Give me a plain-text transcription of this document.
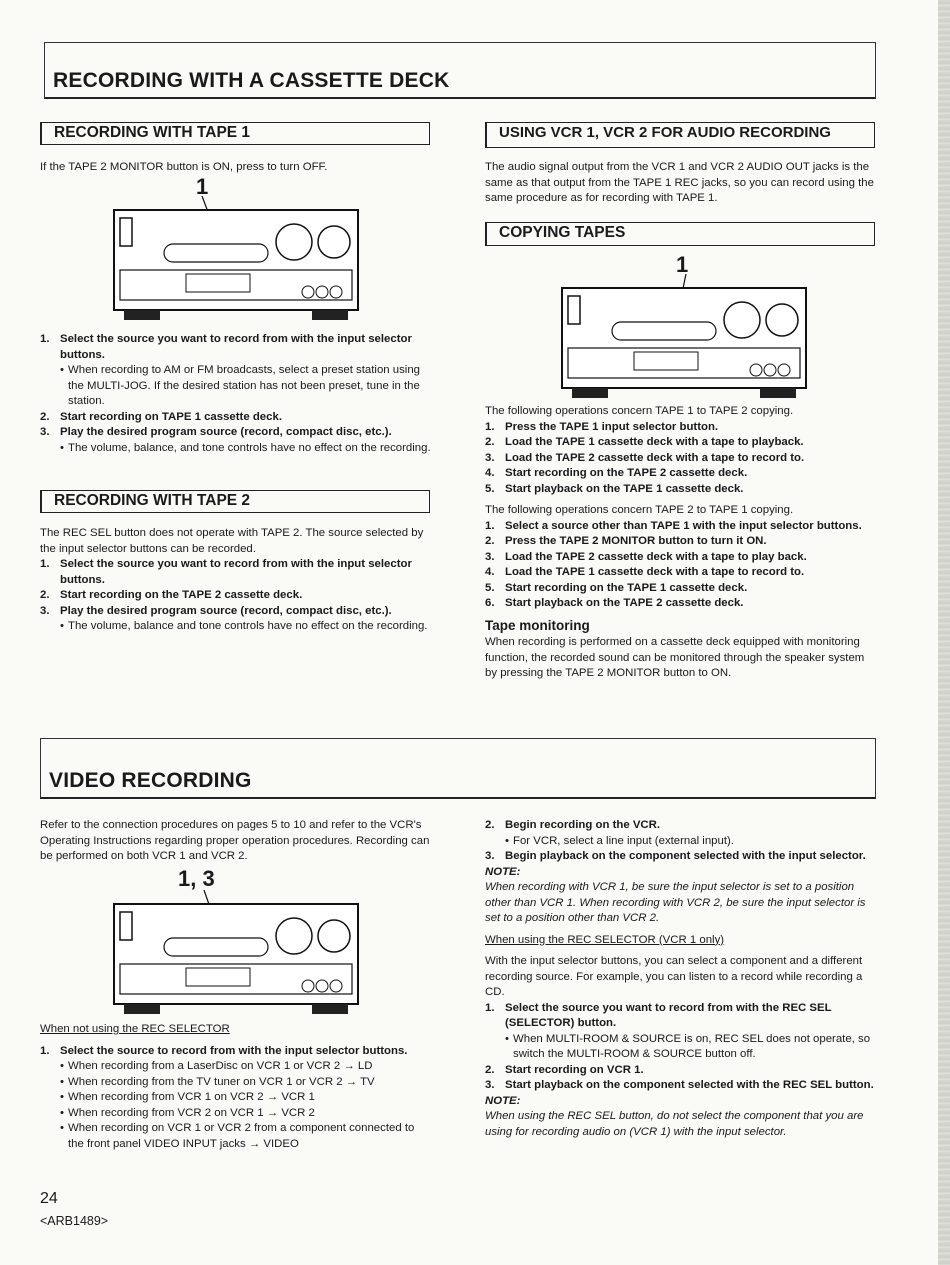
RECORDING WITH A CASSETTE DECK
RECORDING WITH TAPE 1

If the TAPE 2 MONITOR button is ON, press to turn OFF.

1
1. Select the source you want to record from with the input selector buttons.
• When recording to AM or FM broadcasts, select a preset station using the MULTI-JOG. If the desired station has not been preset, tune in the station.
2. Start recording on TAPE 1 cassette deck.
3. Play the desired program source (record, compact disc, etc.).
• The volume, balance, and tone controls have no effect on the recording.
RECORDING WITH TAPE 2

The REC SEL button does not operate with TAPE 2. The source selected by the input selector buttons can be recorded.

1. Select the source you want to record from with the input selector buttons.
2. Start recording on the TAPE 2 cassette deck.
3. Play the desired program source (record, compact disc, etc.).
• The volume, balance and tone controls have no effect on the recording.
USING VCR 1, VCR 2 FOR AUDIO RECORDING

The audio signal output from the VCR 1 and VCR 2 AUDIO OUT jacks is the same as that output from the TAPE 1 REC jacks, so you can record using the same procedure as for recording with TAPE 1.

COPYING TAPES
1

The following operations concern TAPE 1 to TAPE 2 copying.

1. Press the TAPE 1 input selector button.
2. Load the TAPE 1 cassette deck with a tape to playback.
3. Load the TAPE 2 cassette deck with a tape to record to.
4. Start recording on the TAPE 2 cassette deck.
5. Start playback on the TAPE 1 cassette deck.

The following operations concern TAPE 2 to TAPE 1 copying.

1. Select a source other than TAPE 1 with the input selector buttons.
2. Press the TAPE 2 MONITOR button to turn it ON.
3. Load the TAPE 2 cassette deck with a tape to play back.
4. Load the TAPE 1 cassette deck with a tape to record to.
5. Start recording on the TAPE 1 cassette deck.
6. Start playback on the TAPE 2 cassette deck.
Tape monitoring

When recording is performed on a cassette deck equipped with monitoring function, the recorded sound can be monitored through the speaker system by pressing the TAPE 2 MONITOR button to ON.

VIDEO RECORDING

Refer to the connection procedures on pages 5 to 10 and refer to the VCR's Operating Instructions regarding proper operation procedures. Recording can be performed on both VCR 1 and VCR 2.

1, 3

When not using the REC SELECTOR

1. Select the source to record from with the input selector buttons.
• When recording from a LaserDisc on VCR 1 or VCR 2 → LD
• When recording from the TV tuner on VCR 1 or VCR 2 → TV
• When recording from VCR 1 on VCR 2 → VCR 1
• When recording from VCR 2 on VCR 1 → VCR 2
• When recording on VCR 1 or VCR 2 from a component connected to the front panel VIDEO INPUT jacks → VIDEO
2. Begin recording on the VCR.
• For VCR, select a line input (external input).
3. Begin playback on the component selected with the input selector.

NOTE:

When recording with VCR 1, be sure the input selector is set to a position other than VCR 1. When recording with VCR 2, be sure the input selector is set to a position other than VCR 2.

When using the REC SELECTOR (VCR 1 only)

With the input selector buttons, you can select a component and a different recording source. For example, you can listen to a record while recording a CD.

1. Select the source you want to record from with the REC SEL (SELECTOR) button.
• When MULTI-ROOM & SOURCE is on, REC SEL does not operate, so switch the MULTI-ROOM & SOURCE button off.
2. Start recording on VCR 1.
3. Start playback on the component selected with the REC SEL button.

NOTE:

When using the REC SEL button, do not select the component that you are using for recording audio on (VCR 1) with the input selector.

24
<ARB1489>
